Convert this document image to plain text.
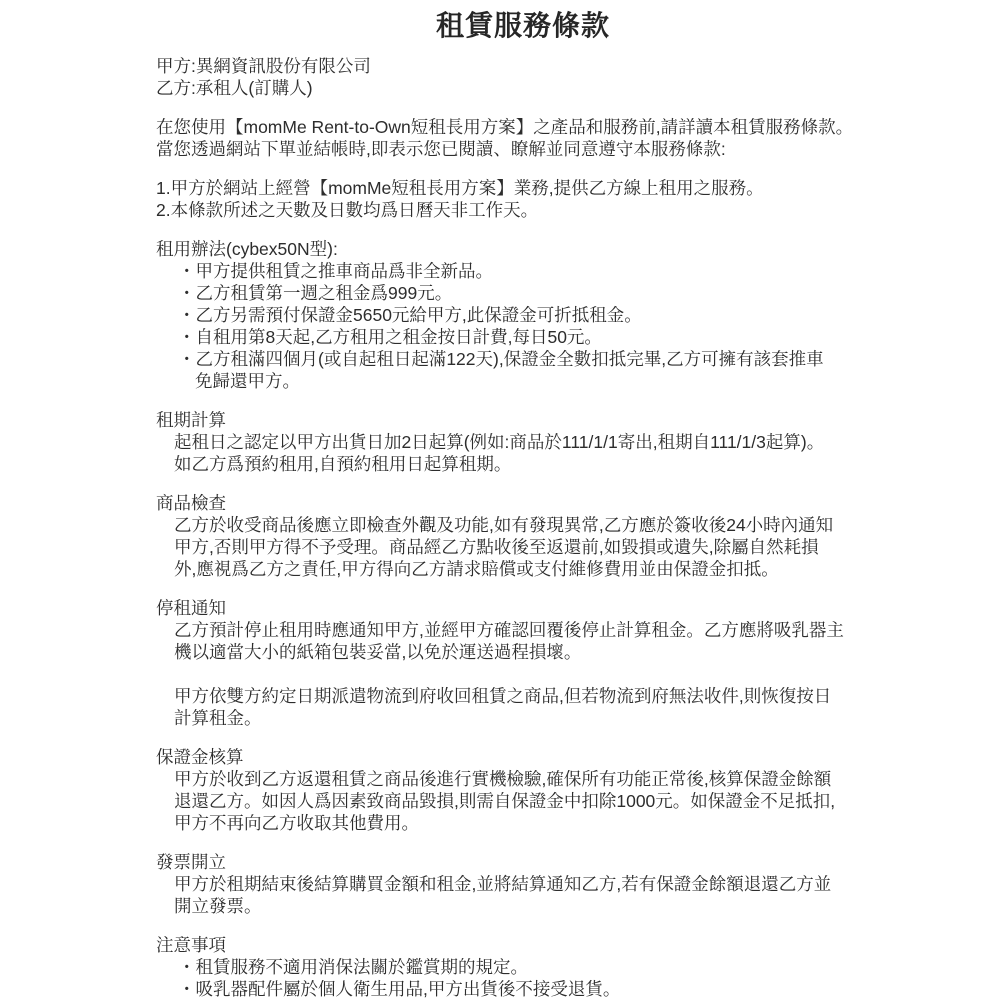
租賃服務條款
甲方:異網資訊股份有限公司
乙方:承租人(訂購人)
在您使用【momMe Rent-to-Own短租長用方案】之產品和服務前,請詳讀本租賃服務條款。
當您透過網站下單並結帳時,即表示您已閱讀、瞭解並同意遵守本服務條款:
1.甲方於網站上經營【momMe短租長用方案】業務,提供乙方線上租用之服務。
2.本條款所述之天數及日數均爲日曆天非工作天。
租用辦法(cybex50N型):
・甲方提供租賃之推車商品爲非全新品。
・乙方租賃第一週之租金爲999元。
・乙方另需預付保證金5650元給甲方,此保證金可折抵租金。
・自租用第8天起,乙方租用之租金按日計費,每日50元。
・乙方租滿四個月(或自起租日起滿122天),保證金全數扣抵完畢,乙方可擁有該套推車
免歸還甲方。
租期計算
起租日之認定以甲方出貨日加2日起算(例如:商品於111/1/1寄出,租期自111/1/3起算)。
如乙方爲預約租用,自預約租用日起算租期。
商品檢查
乙方於收受商品後應立即檢查外觀及功能,如有發現異常,乙方應於簽收後24小時內通知
甲方,否則甲方得不予受理。商品經乙方點收後至返還前,如毀損或遺失,除屬自然耗損
外,應視爲乙方之責任,甲方得向乙方請求賠償或支付維修費用並由保證金扣抵。
停租通知
乙方預計停止租用時應通知甲方,並經甲方確認回覆後停止計算租金。乙方應將吸乳器主
機以適當大小的紙箱包裝妥當,以免於運送過程損壞。
甲方依雙方約定日期派遣物流到府收回租賃之商品,但若物流到府無法收件,則恢復按日
計算租金。
保證金核算
甲方於收到乙方返還租賃之商品後進行實機檢驗,確保所有功能正常後,核算保證金餘額
退還乙方。如因人爲因素致商品毀損,則需自保證金中扣除1000元。如保證金不足抵扣,
甲方不再向乙方收取其他費用。
發票開立
甲方於租期結束後結算購買金額和租金,並將結算通知乙方,若有保證金餘額退還乙方並
開立發票。
注意事項
・租賃服務不適用消保法關於鑑賞期的規定。
・吸乳器配件屬於個人衛生用品,甲方出貨後不接受退貨。
